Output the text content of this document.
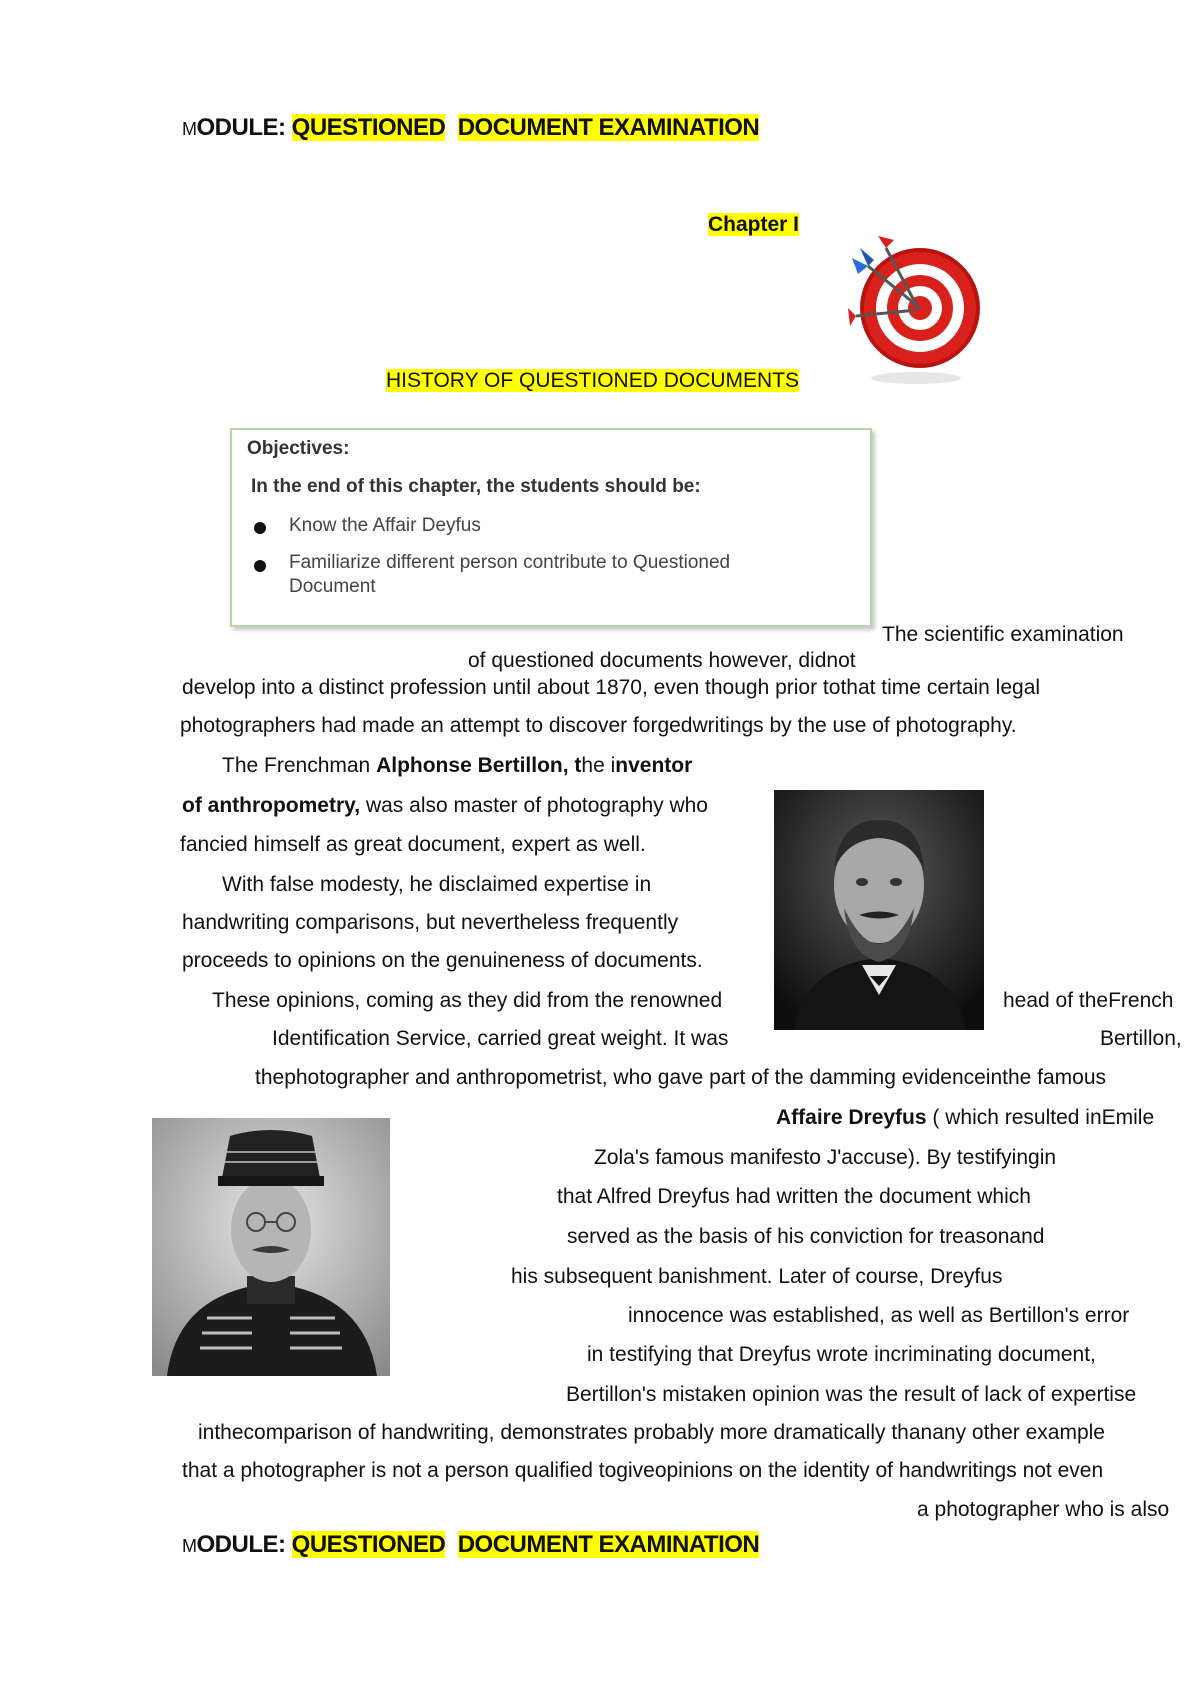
MODULE: QUESTIONED DOCUMENT EXAMINATION
Chapter I
HISTORY OF QUESTIONED DOCUMENTS
Objectives:
In the end of this chapter, the students should be:
Know the Affair Deyfus
Familiarize different person contribute to Questioned Document
The scientific examination
of questioned documents however, didnot
develop into a distinct profession until about 1870, even though prior tothat time certain legal
photographers had made an attempt to discover forgedwritings by the use of photography.
The Frenchman Alphonse Bertillon, the inventor
of anthropometry, was also master of photography who
fancied himself as great document, expert as well.
With false modesty, he disclaimed expertise in
handwriting comparisons, but nevertheless frequently
proceeds to opinions on the genuineness of documents.
These opinions, coming as they did from the renowned	head of theFrench
Identification Service, carried great weight. It was	Bertillon,
thephotographer and anthropometrist, who gave part of the damming evidenceinthe famous
Affaire Dreyfus ( which resulted inEmile
Zola's famous manifesto J'accuse). By testifyingin
that Alfred Dreyfus had written the document which
served as the basis of his conviction for treasonand
his subsequent banishment. Later of course, Dreyfus
innocence was established, as well as Bertillon's error
in testifying that Dreyfus wrote incriminating document,
Bertillon's mistaken opinion was the result of lack of expertise
inthecomparison of handwriting, demonstrates probably more dramatically thanany other example
that a photographer is not a person qualified togiveopinions on the identity of handwritings not even
a photographer who is also
MODULE: QUESTIONED DOCUMENT EXAMINATION
